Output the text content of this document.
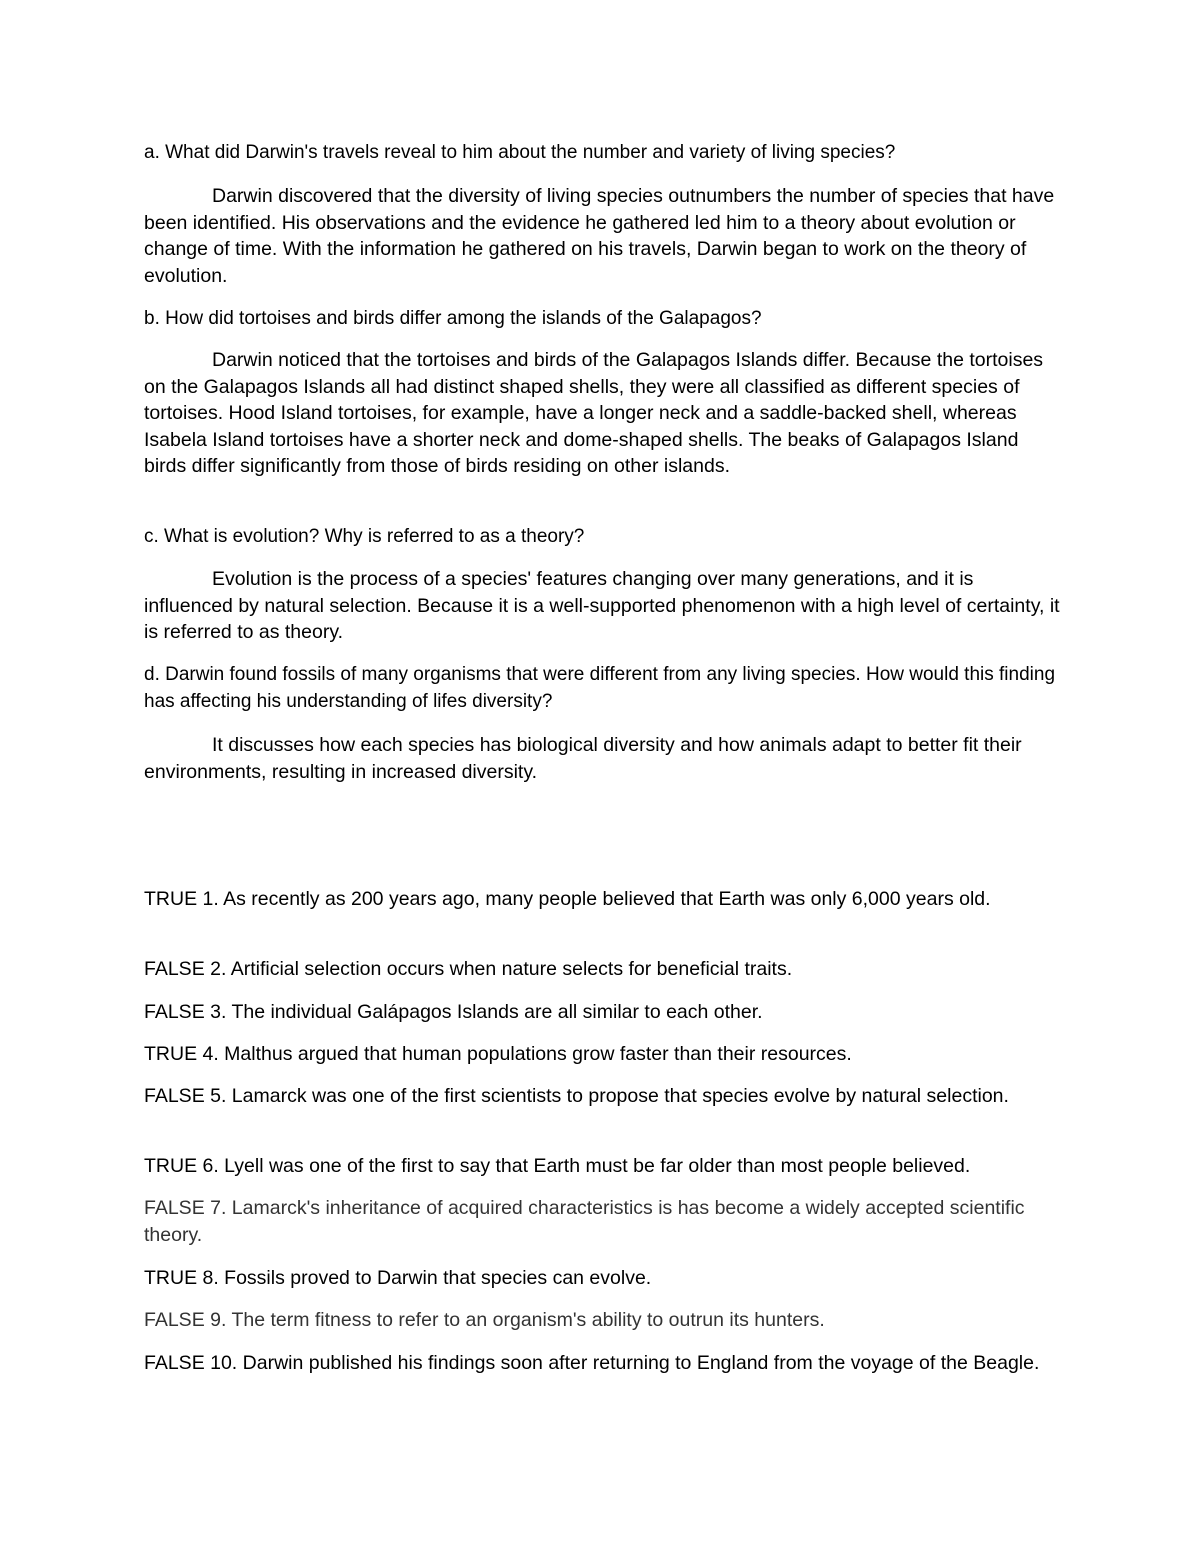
a. What did Darwin's travels reveal to him about the number and variety of living species?

Darwin discovered that the diversity of living species outnumbers the number of species that have been identified. His observations and the evidence he gathered led him to a theory about evolution or change of time. With the information he gathered on his travels, Darwin began to work on the theory of evolution.

b. How did tortoises and birds differ among the islands of the Galapagos?

Darwin noticed that the tortoises and birds of the Galapagos Islands differ. Because the tortoises on the Galapagos Islands all had distinct shaped shells, they were all classified as different species of tortoises. Hood Island tortoises, for example, have a longer neck and a saddle-backed shell, whereas Isabela Island tortoises have a shorter neck and dome-shaped shells. The beaks of Galapagos Island birds differ significantly from those of birds residing on other islands.

c. What is evolution? Why is referred to as a theory?

Evolution is the process of a species' features changing over many generations, and it is influenced by natural selection. Because it is a well-supported phenomenon with a high level of certainty, it is referred to as theory.

d. Darwin found fossils of many organisms that were different from any living species. How would this finding has affecting his understanding of lifes diversity?

It discusses how each species has biological diversity and how animals adapt to better fit their environments, resulting in increased diversity.

TRUE 1. As recently as 200 years ago, many people believed that Earth was only 6,000 years old.

FALSE 2. Artificial selection occurs when nature selects for beneficial traits.

FALSE 3. The individual Galápagos Islands are all similar to each other.

TRUE 4. Malthus argued that human populations grow faster than their resources.

FALSE 5. Lamarck was one of the first scientists to propose that species evolve by natural selection.

TRUE 6. Lyell was one of the first to say that Earth must be far older than most people believed.

FALSE 7. Lamarck's inheritance of acquired characteristics is has become a widely accepted scientific theory.

TRUE 8. Fossils proved to Darwin that species can evolve.

FALSE 9. The term fitness to refer to an organism's ability to outrun its hunters.

FALSE 10. Darwin published his findings soon after returning to England from the voyage of the Beagle.
